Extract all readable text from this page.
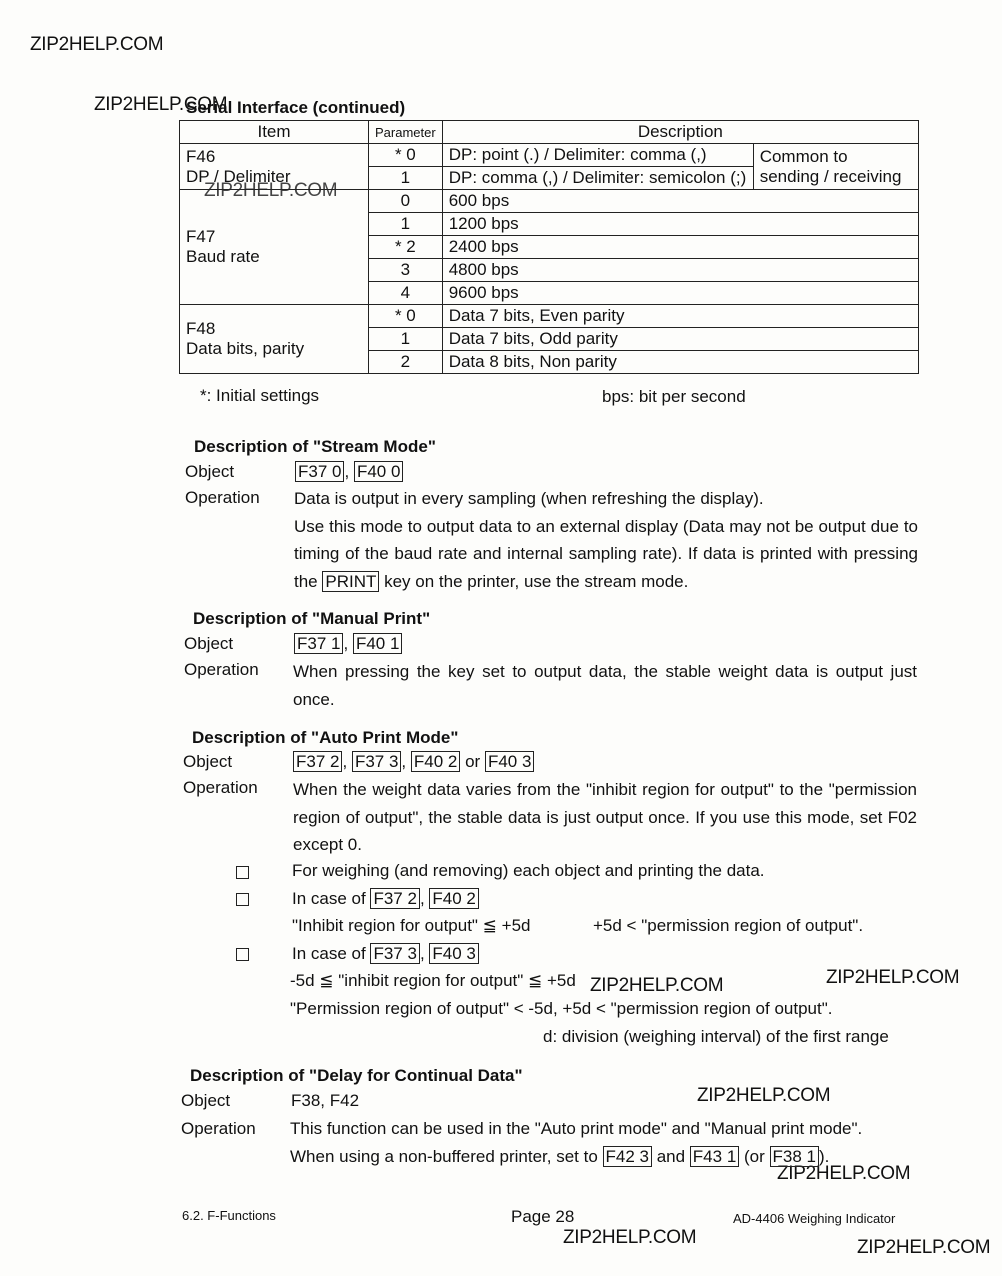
ZIP2HELP.COM
ZIP2HELP.COM
ZIP2HELP.COM
ZIP2HELP.COM	ZIP2HELP.COM
ZIP2HELP.COM
ZIP2HELP.COM
ZIP2HELP.COM	ZIP2HELP.COM
Serial Interface (continued)
Item	Parameter	Description	
F46
DP / Delimiter	* 0	DP: point (.) / Delimiter: comma (,)	Common to
sending / receiving
	1	DP: comma (,) / Delimiter: semicolon (;)	
F47
Baud rate	0	600 bps	
	1	1200 bps	
	* 2	2400 bps	
	3	4800 bps	
	4	9600 bps	
F48
Data bits, parity	* 0	Data 7 bits, Even parity	
	1	Data 7 bits, Odd parity	
	2	Data 8 bits, Non parity	
*: Initial settings	bps: bit per second
Description of "Stream Mode"
Object	F37 0 , F40 0
Operation Data is output in every sampling (when refreshing the display).
Use this mode to output data to an external display (Data may not be output due to timing of the baud rate and internal sampling rate). If data is printed with pressing the PRINT key on the printer, use the stream mode.
Description of "Manual Print"
Object	F37 1 , F40 1
Operation When pressing the key set to output data, the stable weight data is output just once.
Description of "Auto Print Mode"
Object	F37 2 , F37 3 , F40 2 or F40 3
Operation When the weight data varies from the "inhibit region for output" to the "permission region of output", the stable data is just output once. If you use this mode, set F02 except 0.
For weighing (and removing) each object and printing the data.
In case of F37 2 , F40 2
"Inhibit region for output" ≦ +5d	+5d < "permission region of output".
In case of F37 3 , F40 3
-5d ≦ "inhibit region for output" ≦ +5d
"Permission region of output" < -5d, +5d < "permission region of output".
d: division (weighing interval) of the first range
Description of "Delay for Continual Data"
Object	F38, F42
Operation This function can be used in the "Auto print mode" and "Manual print mode".
When using a non-buffered printer, set to F42 3 and F43 1 (or F38 1 ).
6.2. F-Functions	Page 28	AD-4406 Weighing Indicator
